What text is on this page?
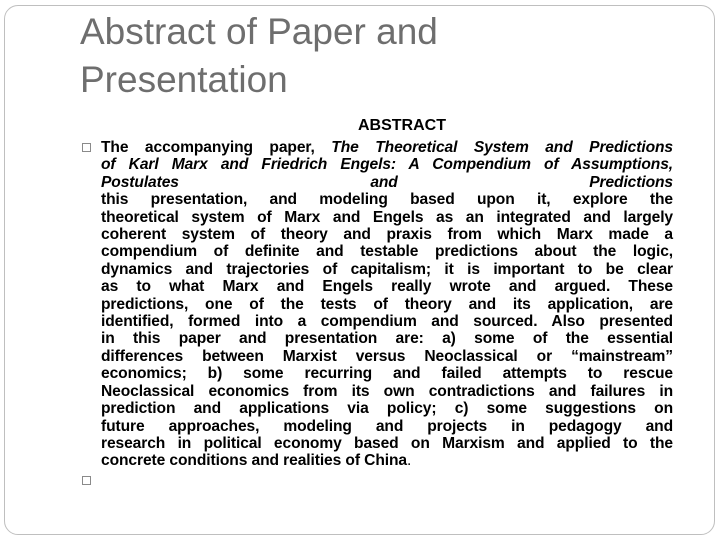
Abstract of Paper and
Presentation
ABSTRACT
The accompanying paper, The Theoretical System and Predictions
of Karl Marx and Friedrich Engels: A Compendium of Assumptions,
Postulates	and	Predictions
this presentation, and modeling based upon it, explore the
theoretical system of Marx and Engels as an integrated and largely
coherent system of theory and praxis from which Marx made a
compendium of definite and testable predictions about the logic,
dynamics and trajectories of capitalism; it is important to be clear
as to what Marx and Engels really wrote and argued. These
predictions, one of the tests of theory and its application, are
identified, formed into a compendium and sourced. Also presented
in this paper and presentation are: a) some of the essential
differences between Marxist versus Neoclassical or “mainstream”
economics; b) some recurring and failed attempts to rescue
Neoclassical economics from its own contradictions and failures in
prediction and applications via policy; c) some suggestions on
future approaches, modeling and projects in pedagogy and
research in political economy based on Marxism and applied to the
concrete conditions and realities of China.
